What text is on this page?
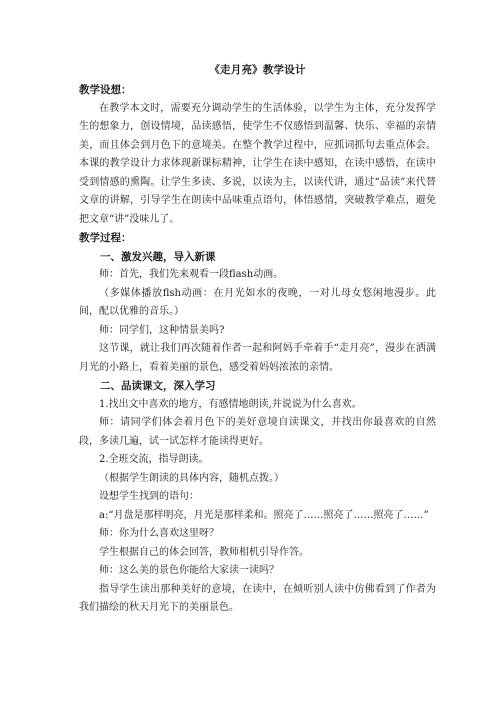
《走月亮》教学设计
教学设想：
在教学本文时，需要充分调动学生的生活体验，以学生为主体，充分发挥学生的想象力，创设情境，品读感悟，使学生不仅感悟到温馨、快乐、幸福的亲情美，而且体会到月色下的意境美。在整个教学过程中，应抓词抓句去重点体会。本课的教学设计力求体现新课标精神，让学生在读中感知，在读中感悟，在读中受到情感的熏陶。让学生多读、多说，以读为主，以读代讲，通过“品读”来代替文章的讲解，引导学生在朗读中品味重点语句，体悟感情，突破教学难点，避免把文章“讲”没味儿了。
教学过程：
一、激发兴趣，导入新课
师：首先，我们先来观看一段flash动画。
（多媒体播放flsh动画：在月光如水的夜晚，一对儿母女悠闲地漫步。此间，配以优雅的音乐。）
师：同学们，这种情景美吗?
这节课，就让我们再次随着作者一起和阿妈手牵着手“走月亮”，漫步在洒满月光的小路上，看着美丽的景色，感受着妈妈浓浓的亲情。
二、品读课文，深入学习
1.找出文中喜欢的地方，有感情地朗读,并说说为什么喜欢。
师：请同学们体会着月色下的美好意境自读课文，并找出你最喜欢的自然段，多读几遍，试一试怎样才能读得更好。
2.全班交流，指导朗读。
（根据学生朗读的具体内容，随机点拨。）
设想学生找到的语句：
a:“月盘是那样明亮，月光是那样柔和。照亮了……照亮了……照亮了……”
师：你为什么喜欢这里呀？
学生根据自己的体会回答，教师相机引导作答。
师：这么美的景色你能给大家读一读吗？
指导学生读出那种美好的意境，在读中，在倾听别人读中仿佛看到了作者为我们描绘的秋天月光下的美丽景色。
